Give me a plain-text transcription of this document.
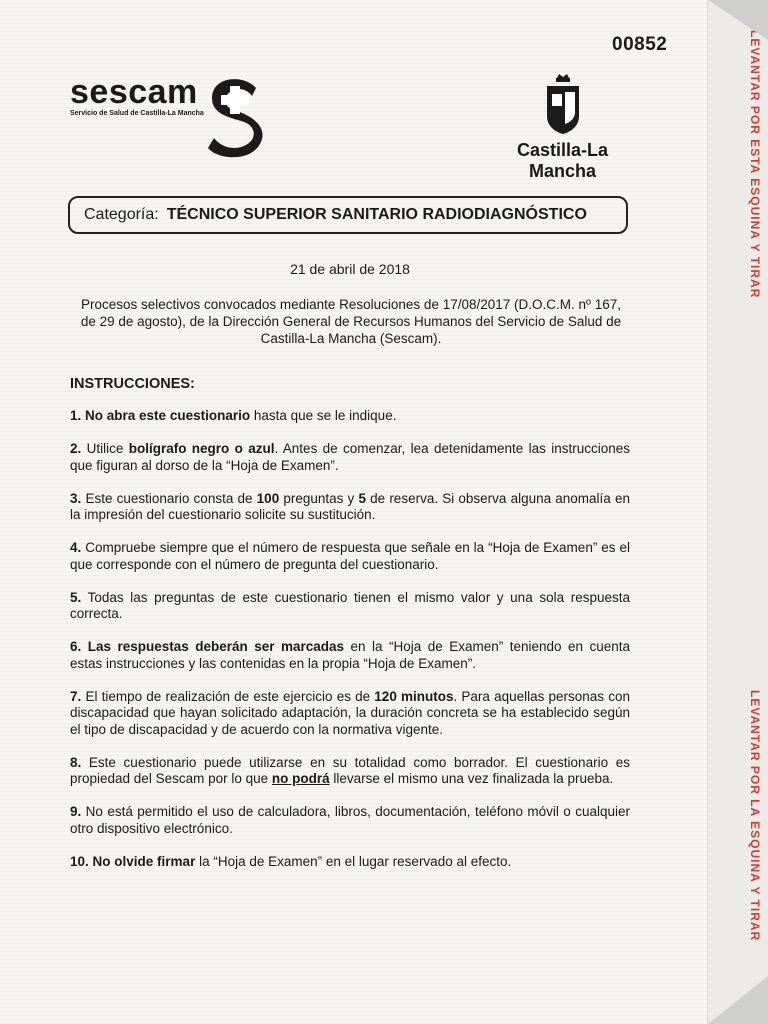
LEVANTAR POR ESTA ESQUINA Y TIRAR
LEVANTAR POR LA ESQUINA Y TIRAR
00852
sescam
Servicio de Salud de Castilla-La Mancha
Castilla-La Mancha
Categoría: TÉCNICO SUPERIOR SANITARIO RADIODIAGNÓSTICO
21 de abril de 2018
Procesos selectivos convocados mediante Resoluciones de 17/08/2017 (D.O.C.M. nº 167, de 29 de agosto), de la Dirección General de Recursos Humanos del Servicio de Salud de Castilla-La Mancha (Sescam).
INSTRUCCIONES:
1. No abra este cuestionario hasta que se le indique.
2. Utilice bolígrafo negro o azul. Antes de comenzar, lea detenidamente las instrucciones que figuran al dorso de la “Hoja de Examen”.
3. Este cuestionario consta de 100 preguntas y 5 de reserva. Si observa alguna anomalía en la impresión del cuestionario solicite su sustitución.
4. Compruebe siempre que el número de respuesta que señale en la “Hoja de Examen” es el que corresponde con el número de pregunta del cuestionario.
5. Todas las preguntas de este cuestionario tienen el mismo valor y una sola respuesta correcta.
6. Las respuestas deberán ser marcadas en la “Hoja de Examen” teniendo en cuenta estas instrucciones y las contenidas en la propia “Hoja de Examen”.
7. El tiempo de realización de este ejercicio es de 120 minutos. Para aquellas personas con discapacidad que hayan solicitado adaptación, la duración concreta se ha establecido según el tipo de discapacidad y de acuerdo con la normativa vigente.
8. Este cuestionario puede utilizarse en su totalidad como borrador. El cuestionario es propiedad del Sescam por lo que no podrá llevarse el mismo una vez finalizada la prueba.
9. No está permitido el uso de calculadora, libros, documentación, teléfono móvil o cualquier otro dispositivo electrónico.
10. No olvide firmar la “Hoja de Examen” en el lugar reservado al efecto.
